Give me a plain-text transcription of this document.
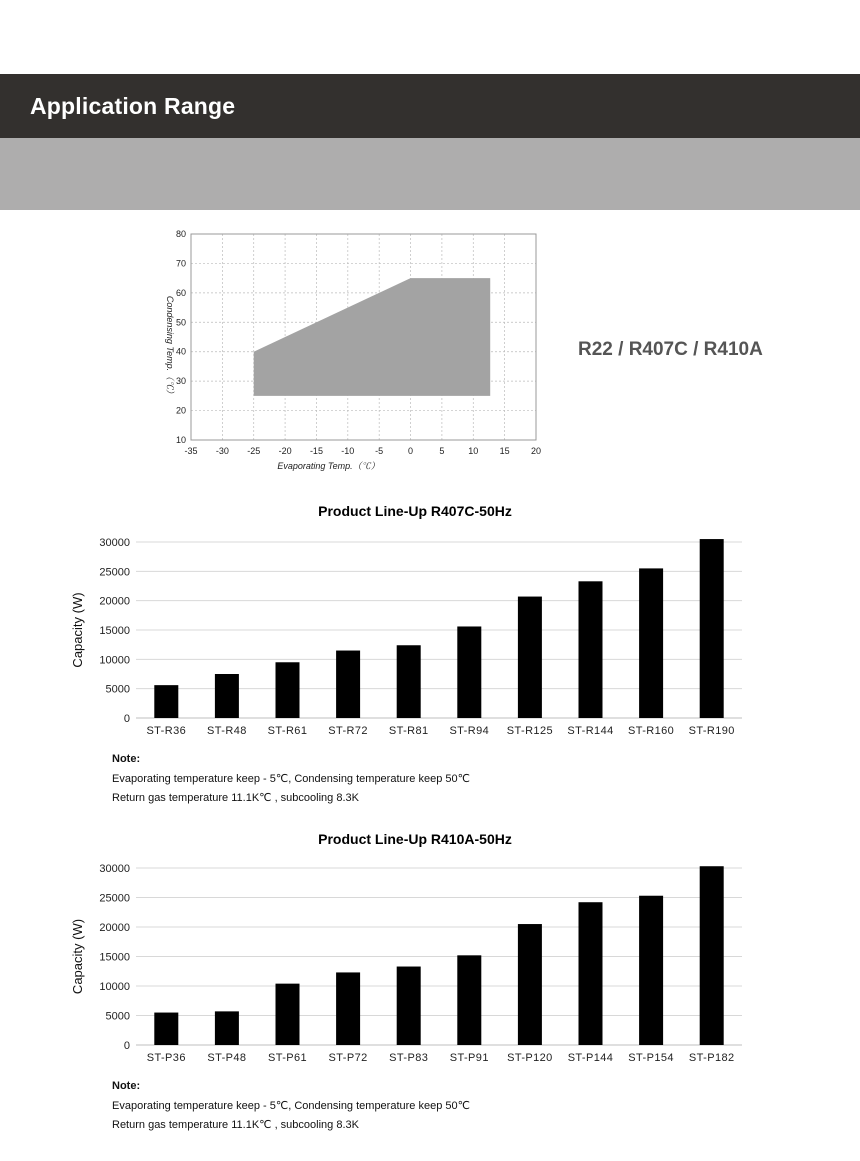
Application Range
-35 -30 -25 -20 -15 -10 -5	0	5	10 15 20
10
20
30
40
50
60
70
80
Evaporating Temp.（℃）
Condensing Temp.（℃）	R22 / R407C / R410A
Product Line-Up R407C-50Hz
0
5000
10000
15000
20000
25000
30000
ST-R36 ST-R48 ST-R61 ST-R72 ST-R81 ST-R94 ST-R125 ST-R144 ST-R160 ST-R190
Capacity (W)
Note:
Evaporating temperature keep - 5℃, Condensing temperature keep 50℃
Return gas temperature 11.1K℃ , subcooling 8.3K
Product Line-Up R410A-50Hz
0
5000
10000
15000
20000
25000
30000
ST-P36 ST-P48 ST-P61 ST-P72 ST-P83 ST-P91 ST-P120 ST-P144 ST-P154 ST-P182
Capacity (W)
Note:
Evaporating temperature keep - 5℃, Condensing temperature keep 50℃
Return gas temperature 11.1K℃ , subcooling 8.3K
